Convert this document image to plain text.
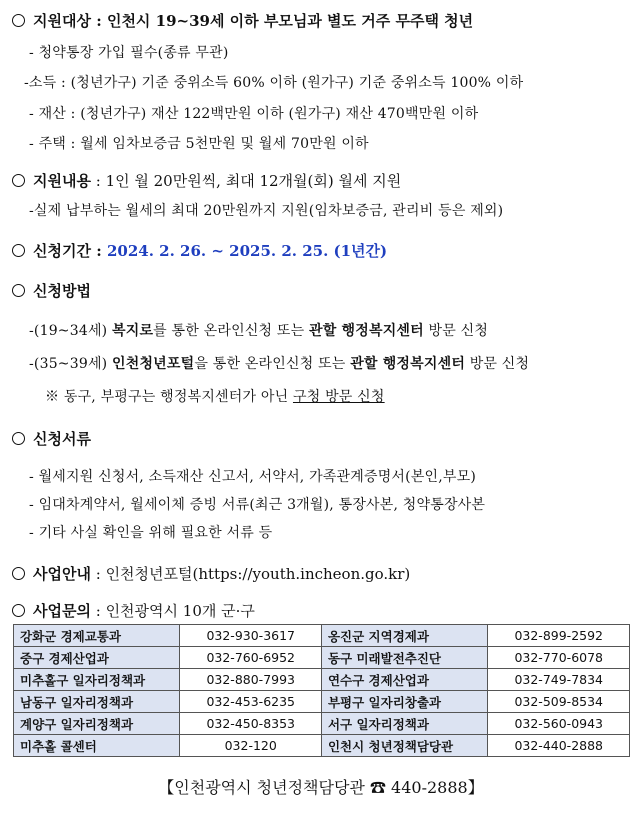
지원대상 : 인천시 19~39세 이하 부모님과 별도 거주 무주택 청년
- 청약통장 가입 필수(종류 무관)
-소득 : (청년가구) 기준 중위소득 60% 이하 (원가구) 기준 중위소득 100% 이하
- 재산 : (청년가구) 재산 122백만원 이하 (원가구) 재산 470백만원 이하
- 주택 : 월세 임차보증금 5천만원 및 월세 70만원 이하
지원내용 : 1인 월 20만원씩, 최대 12개월(회) 월세 지원
-실제 납부하는 월세의 최대 20만원까지 지원(임차보증금, 관리비 등은 제외)
신청기간 : 2024. 2. 26. ~ 2025. 2. 25. (1년간)
신청방법
-(19~34세) 복지로를 통한 온라인신청 또는 관할 행정복지센터 방문 신청
-(35~39세) 인천청년포털을 통한 온라인신청 또는 관할 행정복지센터 방문 신청
※ 동구, 부평구는 행정복지센터가 아닌 구청 방문 신청
신청서류
- 월세지원 신청서, 소득재산 신고서, 서약서, 가족관계증명서(본인,부모)
- 임대차계약서, 월세이체 증빙 서류(최근 3개월), 통장사본, 청약통장사본
- 기타 사실 확인을 위해 필요한 서류 등
사업안내 : 인천청년포털(https://youth.incheon.go.kr)
사업문의 : 인천광역시 10개 군·구
강화군 경제교통과	032-930-3617	옹진군 지역경제과	032-899-2592
중구 경제산업과	032-760-6952	동구 미래발전추진단	032-770-6078
미추홀구 일자리정책과	032-880-7993	연수구 경제산업과	032-749-7834
남동구 일자리정책과	032-453-6235	부평구 일자리창출과	032-509-8534
계양구 일자리정책과	032-450-8353	서구 일자리정책과	032-560-0943
미추홀 콜센터	032-120	인천시 청년정책담당관	032-440-2888
【인천광역시 청년정책담당관 ☎ 440-2888】
